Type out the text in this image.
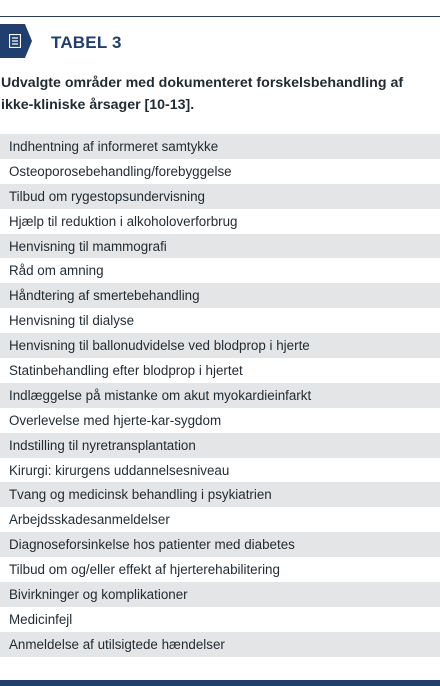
TABEL 3
Udvalgte områder med dokumenteret forskelsbehandling af ikke-kliniske årsager [10-13].
Indhentning af informeret samtykke
Osteoporosebehandling/forebyggelse
Tilbud om rygestopsundervisning
Hjælp til reduktion i alkoholoverforbrug
Henvisning til mammografi
Råd om amning
Håndtering af smertebehandling
Henvisning til dialyse
Henvisning til ballonudvidelse ved blodprop i hjerte
Statinbehandling efter blodprop i hjertet
Indlæggelse på mistanke om akut myokardieinfarkt
Overlevelse med hjerte-kar-sygdom
Indstilling til nyretransplantation
Kirurgi: kirurgens uddannelsesniveau
Tvang og medicinsk behandling i psykiatrien
Arbejdsskadesanmeldelser
Diagnoseforsinkelse hos patienter med diabetes
Tilbud om og/eller effekt af hjerterehabilitering
Bivirkninger og komplikationer
Medicinfejl
Anmeldelse af utilsigtede hændelser
